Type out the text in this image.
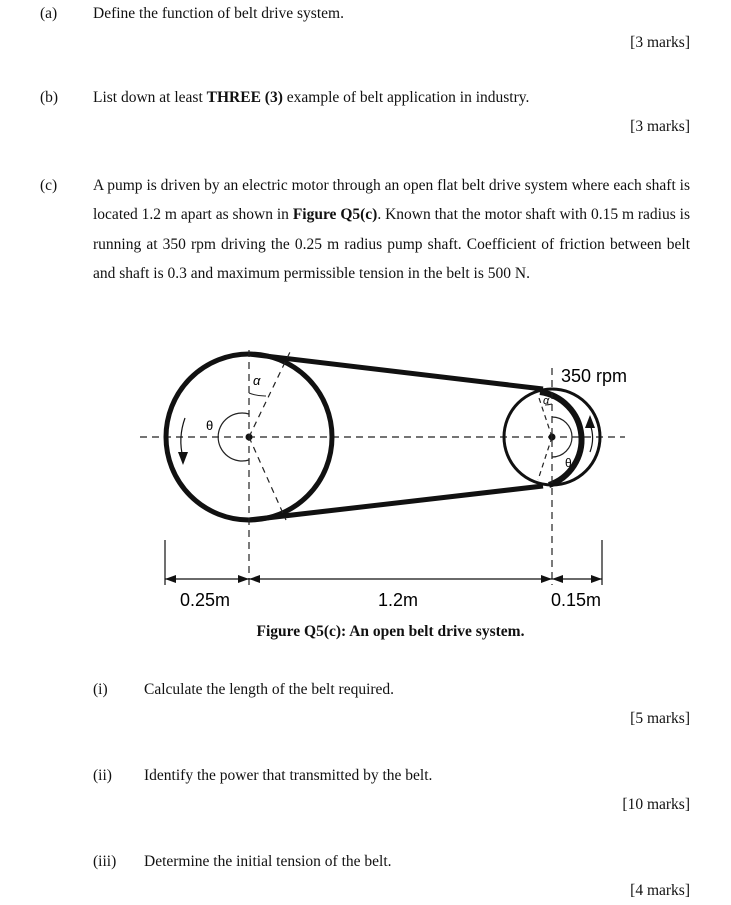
(a) Define the function of belt drive system.
[3 marks]
(b) List down at least THREE (3) example of belt application in industry.
[3 marks]
(c) A pump is driven by an electric motor through an open flat belt drive system where each shaft is located 1.2 m apart as shown in Figure Q5(c). Known that the motor shaft with 0.15 m radius is running at 350 rpm driving the 0.25 m radius pump shaft. Coefficient of friction between belt and shaft is 0.3 and maximum permissible tension in the belt is 500 N.
α
α
θ
θ
350 rpm
0.25m	1.2m	0.15m
Figure Q5(c): An open belt drive system.
(i) Calculate the length of the belt required.
[5 marks]
(ii) Identify the power that transmitted by the belt.
[10 marks]
(iii) Determine the initial tension of the belt.
[4 marks]
